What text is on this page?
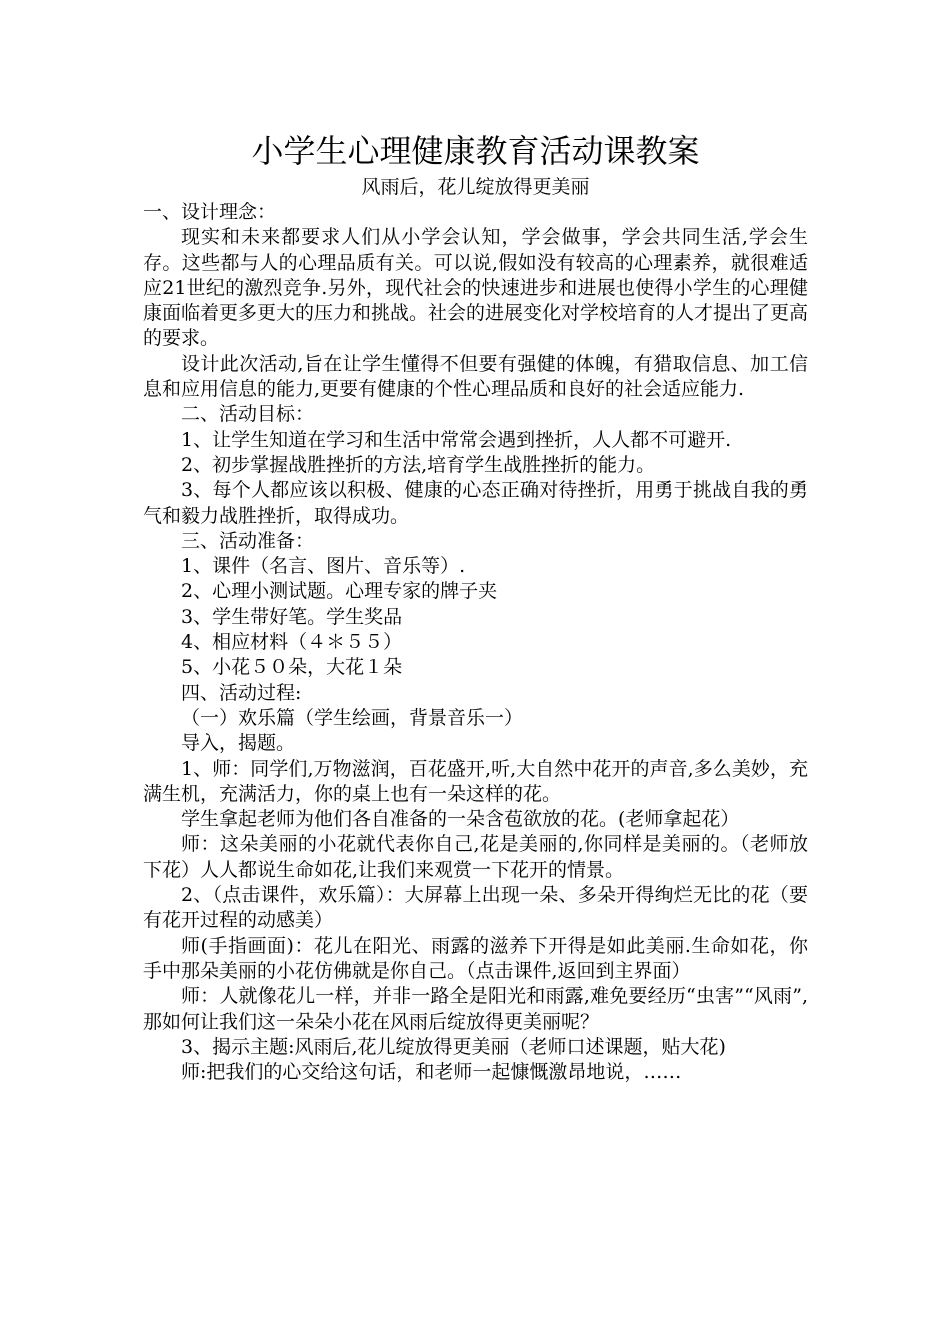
小学生心理健康教育活动课教案
风雨后，花儿绽放得更美丽

一、设计理念：

现实和未来都要求人们从小学会认知，学会做事，学会共同生活,学会生存。这些都与人的心理品质有关。可以说,假如没有较高的心理素养，就很难适应21世纪的激烈竞争.另外，现代社会的快速进步和进展也使得小学生的心理健康面临着更多更大的压力和挑战。社会的进展变化对学校培育的人才提出了更高的要求。

设计此次活动,旨在让学生懂得不但要有强健的体魄，有猎取信息、加工信息和应用信息的能力,更要有健康的个性心理品质和良好的社会适应能力.

二、活动目标：

1、让学生知道在学习和生活中常常会遇到挫折，人人都不可避开.

2、初步掌握战胜挫折的方法,培育学生战胜挫折的能力。

3、每个人都应该以积极、健康的心态正确对待挫折，用勇于挑战自我的勇气和毅力战胜挫折，取得成功。

三、活动准备：

1、课件（名言、图片、音乐等）.

2、心理小测试题。心理专家的牌子夹

3、学生带好笔。学生奖品

4、相应材料（４＊５５）

5、小花５０朵，大花１朵

四、活动过程:

（一）欢乐篇（学生绘画，背景音乐一）

导入，揭题。

1、师：同学们,万物滋润，百花盛开,听,大自然中花开的声音,多么美妙，充满生机，充满活力，你的桌上也有一朵这样的花。

学生拿起老师为他们各自准备的一朵含苞欲放的花。(老师拿起花）

师：这朵美丽的小花就代表你自己,花是美丽的,你同样是美丽的。（老师放下花）人人都说生命如花,让我们来观赏一下花开的情景。

2、（点击课件，欢乐篇）：大屏幕上出现一朵、多朵开得绚烂无比的花（要有花开过程的动感美）

师(手指画面)：花儿在阳光、雨露的滋养下开得是如此美丽.生命如花，你手中那朵美丽的小花仿佛就是你自己。（点击课件,返回到主界面）

师：人就像花儿一样，并非一路全是阳光和雨露,难免要经历“虫害”“风雨”,那如何让我们这一朵朵小花在风雨后绽放得更美丽呢？

3、揭示主题:风雨后,花儿绽放得更美丽（老师口述课题，贴大花)

师:把我们的心交给这句话，和老师一起慷慨激昂地说，……
